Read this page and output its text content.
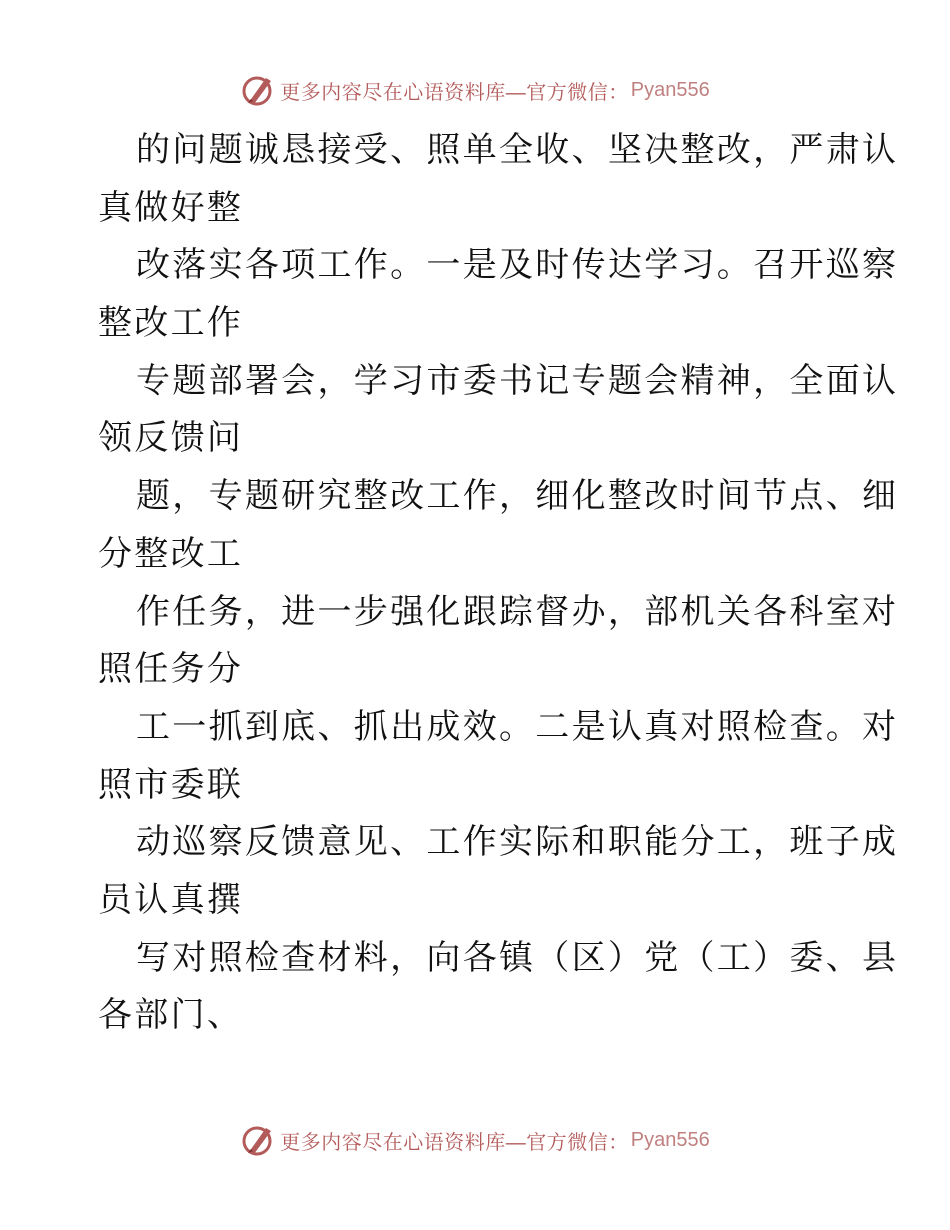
更多内容尽在心语资料库—官方微信： Pyan556
的问题诚恳接受、照单全收、坚决整改，严肃认
真做好整
改落实各项工作。一是及时传达学习。召开巡察
整改工作
专题部署会，学习市委书记专题会精神，全面认
领反馈问
题，专题研究整改工作，细化整改时间节点、细
分整改工
作任务，进一步强化跟踪督办，部机关各科室对
照任务分
工一抓到底、抓出成效。二是认真对照检查。对
照市委联
动巡察反馈意见、工作实际和职能分工，班子成
员认真撰
写对照检查材料，向各镇（区）党（工）委、县
各部门、
更多内容尽在心语资料库—官方微信： Pyan556
